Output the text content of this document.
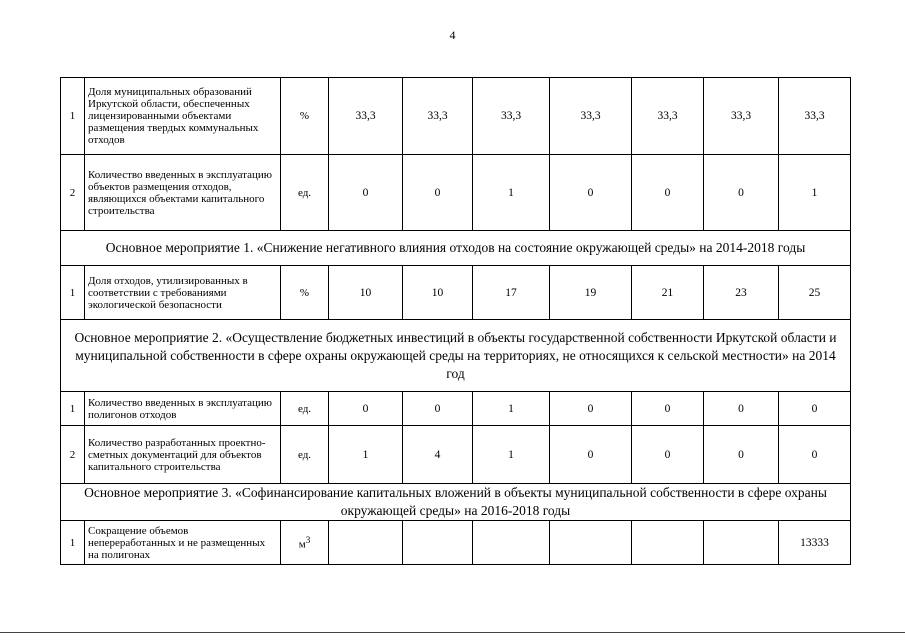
4
1	Доля муниципальных образований Иркутской области, обеспеченных лицензированными объектами размещения твердых коммунальных отходов	%	33,3	33,3	33,3	33,3	33,3	33,3	33,3
2	Количество введенных в эксплуатацию объектов размещения отходов, являющихся объектами капитального строительства	ед.	0	0	1	0	0	0	1
Основное мероприятие 1. «Снижение негативного влияния отходов на состояние окружающей среды» на 2014-2018 годы									
1	Доля отходов, утилизированных в соответствии с требованиями экологической безопасности	%	10	10	17	19	21	23	25
Основное мероприятие 2. «Осуществление бюджетных инвестиций в объекты государственной собственности Иркутской области и муниципальной собственности в сфере охраны окружающей среды на территориях, не относящихся к сельской местности» на 2014 год									
1	Количество введенных в эксплуатацию полигонов отходов	ед.	0	0	1	0	0	0	0
2	Количество разработанных проектно-сметных документаций для объектов капитального строительства	ед.	1	4	1	0	0	0	0
Основное мероприятие 3. «Софинансирование капитальных вложений в объекты муниципальной собственности в сфере охраны окружающей среды» на 2016-2018 годы									
1	Сокращение объемов непереработанных и не размещенных на полигонах	$м^3$							13333
